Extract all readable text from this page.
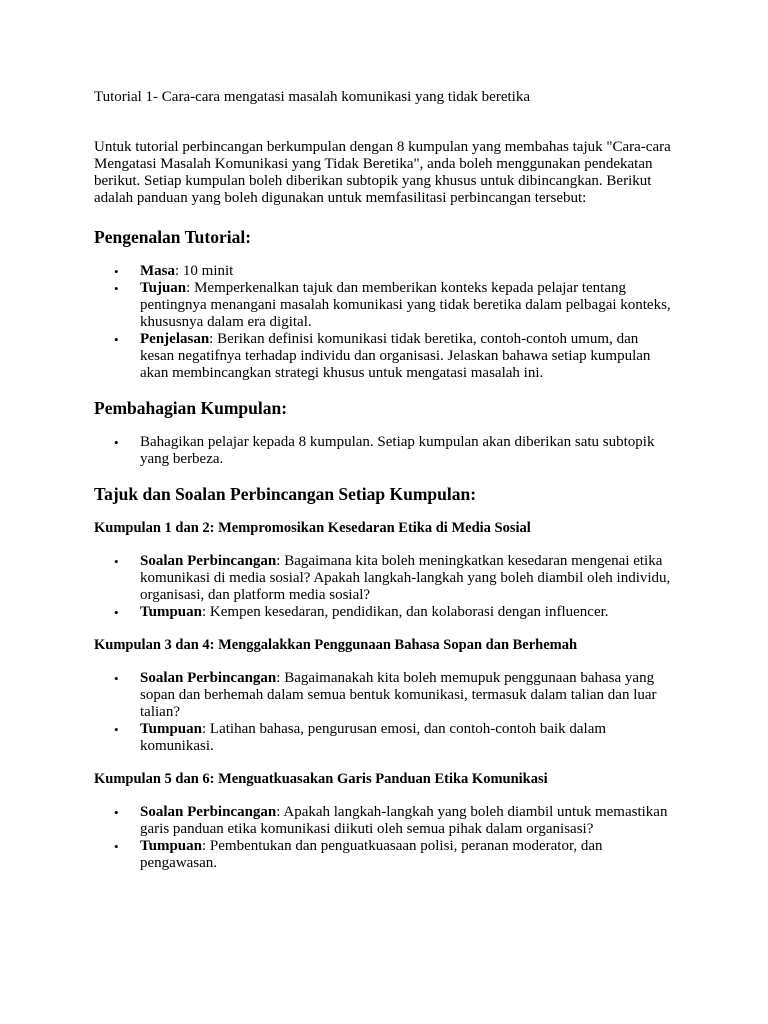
Tutorial 1- Cara-cara mengatasi masalah komunikasi yang tidak beretika

Untuk tutorial perbincangan berkumpulan dengan 8 kumpulan yang membahas tajuk "Cara-cara Mengatasi Masalah Komunikasi yang Tidak Beretika", anda boleh menggunakan pendekatan berikut. Setiap kumpulan boleh diberikan subtopik yang khusus untuk dibincangkan. Berikut adalah panduan yang boleh digunakan untuk memfasilitasi perbincangan tersebut:

Pengenalan Tutorial:
• Masa: 10 minit
• Tujuan: Memperkenalkan tajuk dan memberikan konteks kepada pelajar tentang pentingnya menangani masalah komunikasi yang tidak beretika dalam pelbagai konteks, khususnya dalam era digital.
• Penjelasan: Berikan definisi komunikasi tidak beretika, contoh-contoh umum, dan kesan negatifnya terhadap individu dan organisasi. Jelaskan bahawa setiap kumpulan akan membincangkan strategi khusus untuk mengatasi masalah ini.
Pembahagian Kumpulan:
• Bahagikan pelajar kepada 8 kumpulan. Setiap kumpulan akan diberikan satu subtopik yang berbeza.
Tajuk dan Soalan Perbincangan Setiap Kumpulan:
Kumpulan 1 dan 2: Mempromosikan Kesedaran Etika di Media Sosial
• Soalan Perbincangan: Bagaimana kita boleh meningkatkan kesedaran mengenai etika komunikasi di media sosial? Apakah langkah-langkah yang boleh diambil oleh individu, organisasi, dan platform media sosial?
• Tumpuan: Kempen kesedaran, pendidikan, dan kolaborasi dengan influencer.
Kumpulan 3 dan 4: Menggalakkan Penggunaan Bahasa Sopan dan Berhemah
• Soalan Perbincangan: Bagaimanakah kita boleh memupuk penggunaan bahasa yang sopan dan berhemah dalam semua bentuk komunikasi, termasuk dalam talian dan luar talian?
• Tumpuan: Latihan bahasa, pengurusan emosi, dan contoh-contoh baik dalam komunikasi.
Kumpulan 5 dan 6: Menguatkuasakan Garis Panduan Etika Komunikasi
• Soalan Perbincangan: Apakah langkah-langkah yang boleh diambil untuk memastikan garis panduan etika komunikasi diikuti oleh semua pihak dalam organisasi?
• Tumpuan: Pembentukan dan penguatkuasaan polisi, peranan moderator, dan pengawasan.
